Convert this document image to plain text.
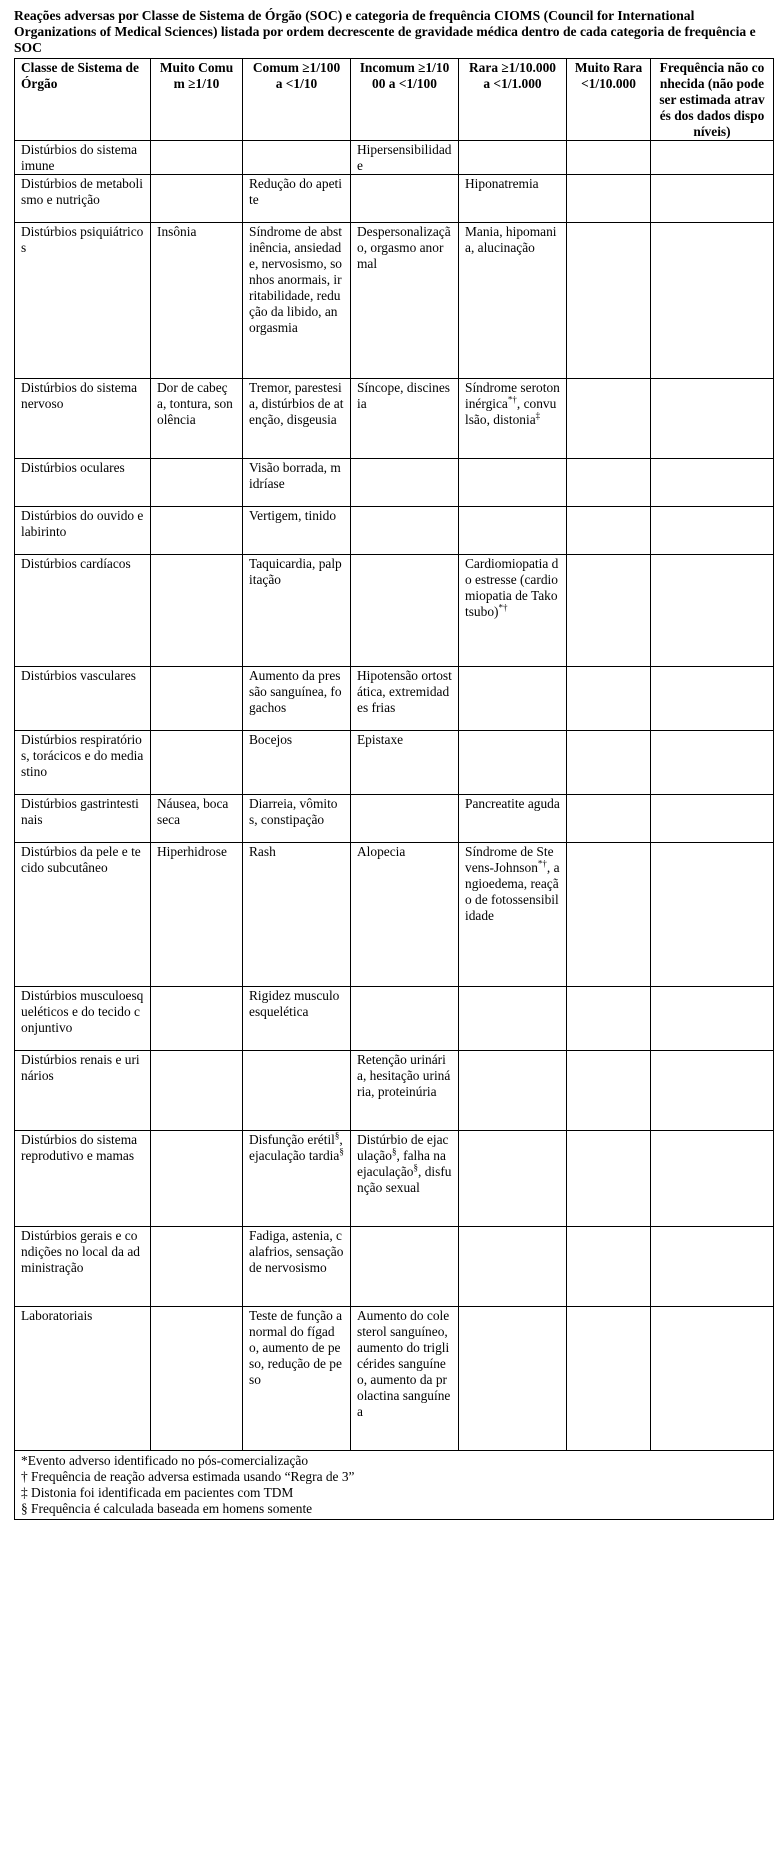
Reações adversas por Classe de Sistema de Órgão (SOC) e categoria de frequência CIOMS (Council for International Organizations of Medical Sciences) listada por ordem decrescente de gravidade médica dentro de cada categoria de frequência e SOC
Classe de Sistema de Órgão	Muito Comum ≥1/10	Comum ≥1/100 a <1/10	Incomum ≥1/1000 a <1/100	Rara ≥1/10.000 a <1/1.000	Muito Rara <1/10.000	Frequência não conhecida (não pode ser estimada através dos dados disponíveis)
Distúrbios do sistema imune			Hipersensibilidade			
Distúrbios de metabolismo e nutrição		Redução do apetite		Hiponatremia		
Distúrbios psiquiátricos	Insônia	Síndrome de abstinência, ansiedade, nervosismo, sonhos anormais, irritabilidade, redução da libido, anorgasmia	Despersonalização, orgasmo anormal	Mania, hipomania, alucinação		
Distúrbios do sistema nervoso	Dor de cabeça, tontura, sonolência	Tremor, parestesia, distúrbios de atenção, disgeusia	Síncope, discinesia	Síndrome serotoninérgica*†, convulsão, distonia‡		
Distúrbios oculares		Visão borrada, midríase				
Distúrbios do ouvido e labirinto		Vertigem, tinido				
Distúrbios cardíacos		Taquicardia, palpitação		Cardiomiopatia do estresse (cardiomiopatia de Takotsubo)*†		
Distúrbios vasculares		Aumento da pressão sanguínea, fogachos	Hipotensão ortostática, extremidades frias			
Distúrbios respiratórios, torácicos e do mediastino		Bocejos	Epistaxe			
Distúrbios gastrintestinais	Náusea, boca seca	Diarreia, vômitos, constipação		Pancreatite aguda		
Distúrbios da pele e tecido subcutâneo	Hiperhidrose	Rash	Alopecia	Síndrome de Stevens-Johnson*†, angioedema, reação de fotossensibilidade		
Distúrbios musculoesqueléticos e do tecido conjuntivo		Rigidez musculoesquelética				
Distúrbios renais e urinários			Retenção urinária, hesitação urinária, proteinúria			
Distúrbios do sistema reprodutivo e mamas		Disfunção erétil§, ejaculação tardia§	Distúrbio de ejaculação§, falha na ejaculação§, disfunção sexual			
Distúrbios gerais e condições no local da administração		Fadiga, astenia, calafrios, sensação de nervosismo				
Laboratoriais		Teste de função anormal do fígado, aumento de peso, redução de peso	Aumento do colesterol sanguíneo, aumento do triglicérides sanguíneo, aumento da prolactina sanguínea			

*Evento adverso identificado no pós-comercialização
† Frequência de reação adversa estimada usando “Regra de 3”
‡ Distonia foi identificada em pacientes com TDM
§ Frequência é calculada baseada em homens somente						
